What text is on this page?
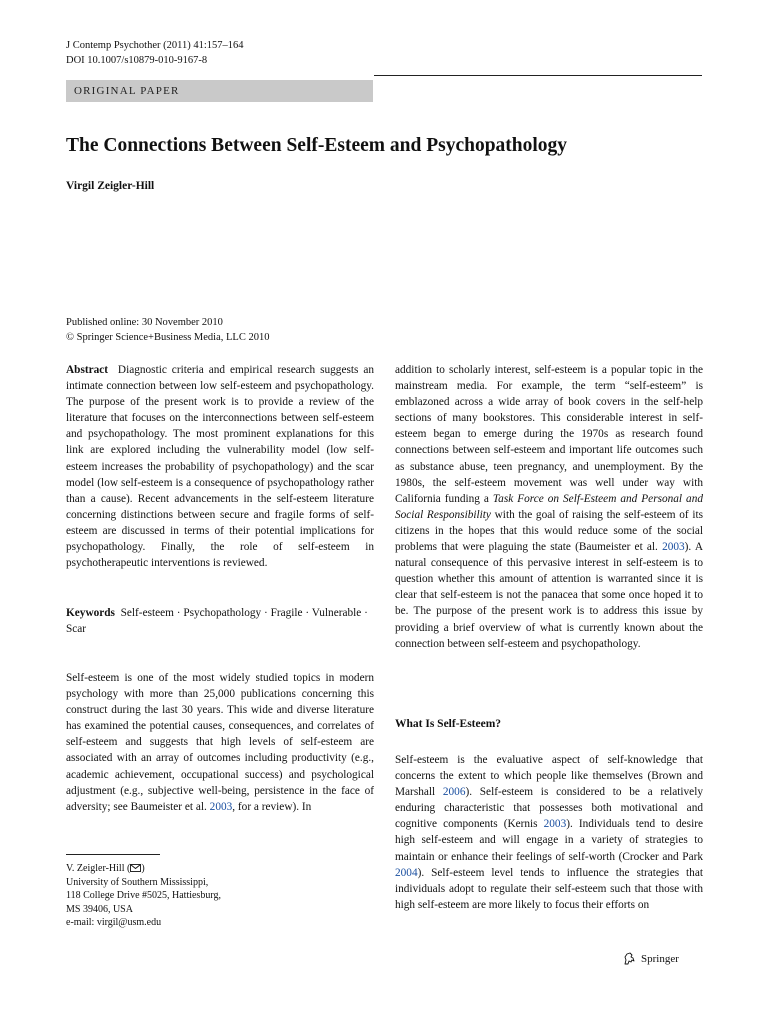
J Contemp Psychother (2011) 41:157–164
DOI 10.1007/s10879-010-9167-8
ORIGINAL PAPER
The Connections Between Self-Esteem and Psychopathology
Virgil Zeigler-Hill
Published online: 30 November 2010
© Springer Science+Business Media, LLC 2010

Abstract Diagnostic criteria and empirical research suggests an intimate connection between low self-esteem and psychopathology. The purpose of the present work is to provide a review of the literature that focuses on the interconnections between self-esteem and psychopathology. The most prominent explanations for this link are explored including the vulnerability model (low self-esteem increases the probability of psychopathology) and the scar model (low self-esteem is a consequence of psychopathology rather than a cause). Recent advancements in the self-esteem literature concerning distinctions between secure and fragile forms of self-esteem are discussed in terms of their potential implications for psychopathology. Finally, the role of self-esteem in psychotherapeutic interventions is reviewed.

Keywords Self-esteem · Psychopathology · Fragile · Vulnerable · Scar

Self-esteem is one of the most widely studied topics in modern psychology with more than 25,000 publications concerning this construct during the last 30 years. This wide and diverse literature has examined the potential causes, consequences, and correlates of self-esteem and suggests that high levels of self-esteem are associated with an array of outcomes including productivity (e.g., academic achievement, occupational success) and psychological adjustment (e.g., subjective well-being, persistence in the face of adversity; see Baumeister et al. 2003, for a review). In

V. Zeigler-Hill ( )
University of Southern Mississippi,
118 College Drive #5025, Hattiesburg,
MS 39406, USA
e-mail: virgil@usm.edu

addition to scholarly interest, self-esteem is a popular topic in the mainstream media. For example, the term “self-esteem” is emblazoned across a wide array of book covers in the self-help sections of many bookstores. This considerable interest in self-esteem began to emerge during the 1970s as research found connections between self-esteem and important life outcomes such as substance abuse, teen pregnancy, and unemployment. By the 1980s, the self-esteem movement was well under way with California funding a Task Force on Self-Esteem and Personal and Social Responsibility with the goal of raising the self-esteem of its citizens in the hopes that this would reduce some of the social problems that were plaguing the state (Baumeister et al. 2003). A natural consequence of this pervasive interest in self-esteem is to question whether this amount of attention is warranted since it is clear that self-esteem is not the panacea that some once hoped it to be. The purpose of the present work is to address this issue by providing a brief overview of what is currently known about the connection between self-esteem and psychopathology.

What Is Self-Esteem?

Self-esteem is the evaluative aspect of self-knowledge that concerns the extent to which people like themselves (Brown and Marshall 2006). Self-esteem is considered to be a relatively enduring characteristic that possesses both motivational and cognitive components (Kernis 2003). Individuals tend to desire high self-esteem and will engage in a variety of strategies to maintain or enhance their feelings of self-worth (Crocker and Park 2004). Self-esteem level tends to influence the strategies that individuals adopt to regulate their self-esteem such that those with high self-esteem are more likely to focus their efforts on

Springer
